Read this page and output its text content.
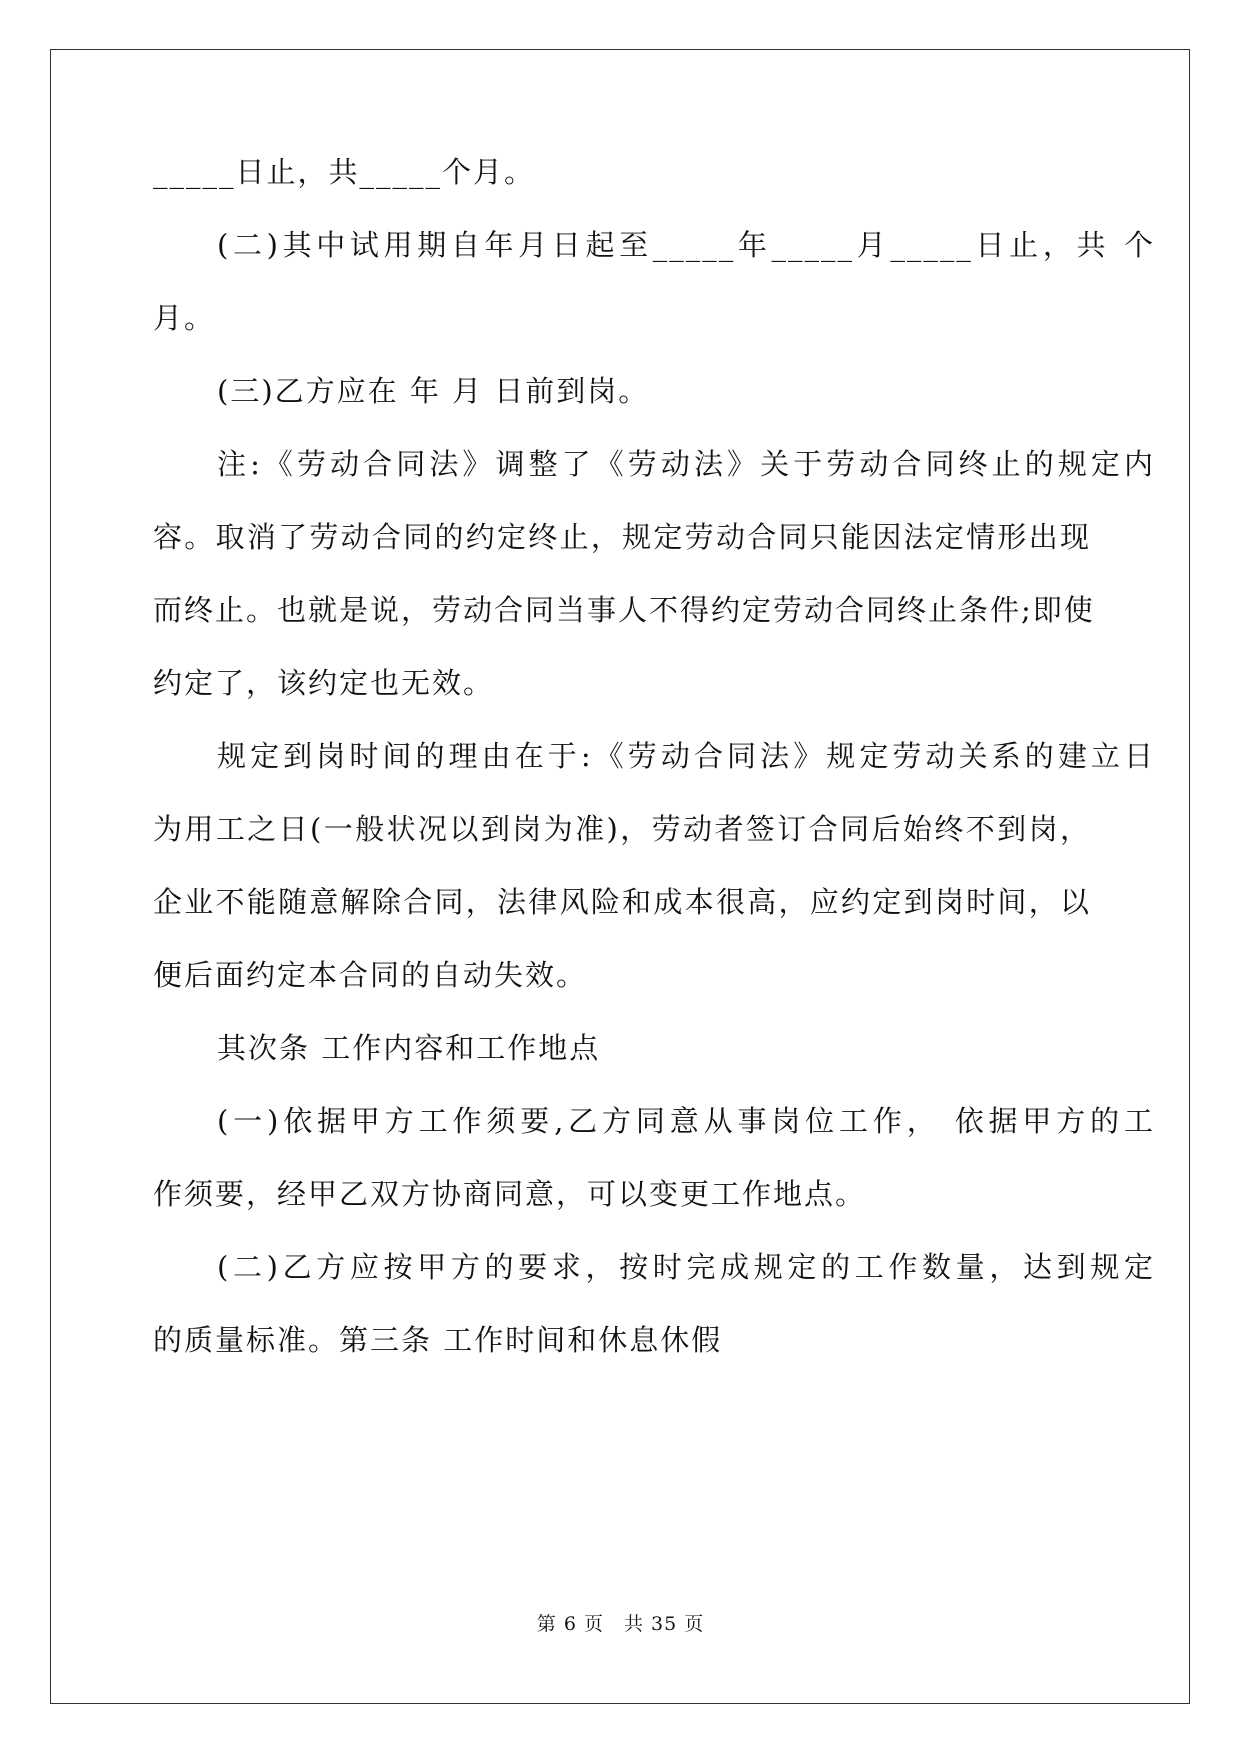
_____日止，共_____个月。
(二)其中试用期自年月日起至_____年_____月_____日止，共 个
月。
(三)乙方应在 年 月 日前到岗。
注:《劳动合同法》调整了《劳动法》关于劳动合同终止的规定内
容。取消了劳动合同的约定终止，规定劳动合同只能因法定情形出现
而终止。也就是说，劳动合同当事人不得约定劳动合同终止条件;即使
约定了，该约定也无效。
规定到岗时间的理由在于:《劳动合同法》规定劳动关系的建立日
为用工之日(一般状况以到岗为准)，劳动者签订合同后始终不到岗，
企业不能随意解除合同，法律风险和成本很高，应约定到岗时间，以
便后面约定本合同的自动失效。
其次条 工作内容和工作地点
(一)依据甲方工作须要,乙方同意从事岗位工作， 依据甲方的工
作须要，经甲乙双方协商同意，可以变更工作地点。
(二)乙方应按甲方的要求，按时完成规定的工作数量，达到规定
的质量标准。第三条 工作时间和休息休假
第 6 页　共 35 页
